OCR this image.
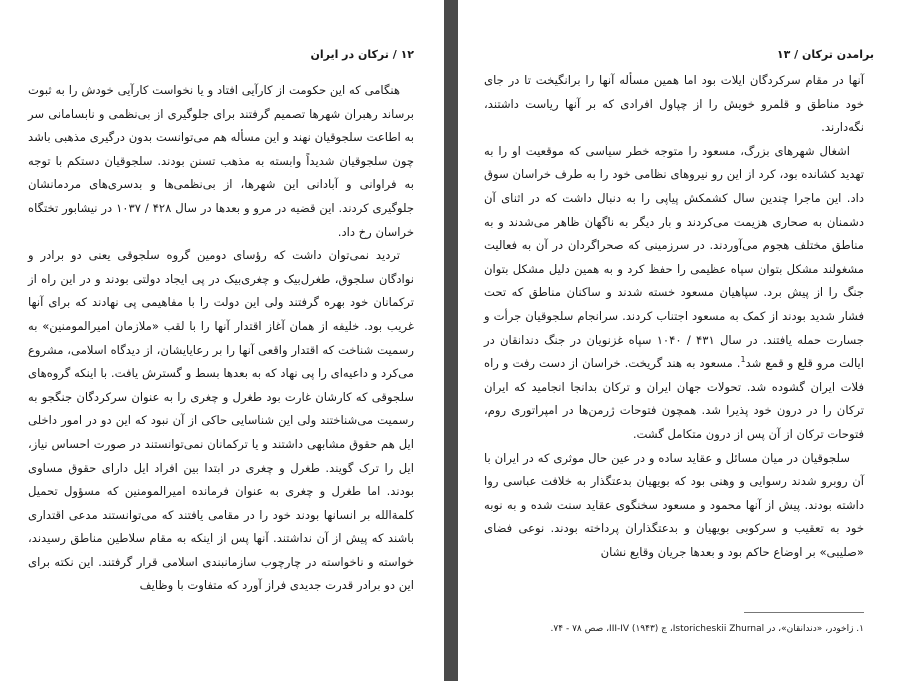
۱۲ / ترکان در ایران

هنگامی که این حکومت از کارآیی افتاد و یا نخواست کارآیی خودش را به ثبوت برساند رهبران شهرها تصمیم گرفتند برای جلوگیری از بی‌نظمی و نابسامانی سر به اطاعت سلجوقیان نهند و این مسأله هم می‌توانست بدون درگیری مذهبی باشد چون سلجوقیان شدیداً وابسته به مذهب تسنن بودند. سلجوقیان دستکم با توجه به فراوانی و آبادانی این شهرها، از بی‌نظمی‌ها و بدسری‌های مردمانشان جلوگیری کردند. این قضیه در مرو و بعدها در سال ۴۲۸ / ۱۰۳۷ در نیشابور تختگاه خراسان رخ داد.

تردید نمی‌توان داشت که رؤسای دومین گروه سلجوقی یعنی دو برادر و نوادگان سلجوق، طغرل‌بیک و چغری‌بیک در پی ایجاد دولتی بودند و در این راه از ترکمانان خود بهره گرفتند ولی این دولت را با مفاهیمی پی نهادند که برای آنها غریب بود. خلیفه از همان آغاز اقتدار آنها را با لقب «ملازمان امیرالمومنین» به رسمیت شناخت که اقتدار واقعی آنها را بر رعایایشان، از دیدگاه اسلامی، مشروع می‌کرد و داعیه‌ای را پی نهاد که به بعدها بسط و گسترش یافت. با اینکه گروه‌های سلجوقی که کارشان غارت بود طغرل و چغری را به عنوان سرکردگان جنگجو به رسمیت می‌شناختند ولی این شناسایی حاکی از آن نبود که این دو در امور داخلی ایل هم حقوق مشابهی داشتند و یا ترکمانان نمی‌توانستند در صورت احساس نیاز، ایل را ترک گویند. طغرل و چغری در ابتدا بین افراد ایل دارای حقوق مساوی بودند. اما طغرل و چغری به عنوان فرمانده امیرالمومنین که مسؤول تحمیل کلمةالله بر انسانها بودند خود را در مقامی یافتند که می‌توانستند مدعی اقتداری باشند که پیش از آن نداشتند. آنها پس از اینکه به مقام سلاطین مناطق رسیدند، خواسته و ناخواسته در چارچوب سازمانبندی اسلامی قرار گرفتند. این نکته برای این دو برادر قدرت جدیدی فراز آورد که متفاوت با وظایف

برامدن ترکان / ۱۳

آنها در مقام سرکردگان ایلات بود اما همین مسأله آنها را برانگیخت تا در جای خود مناطق و قلمرو خویش را از چپاول افرادی که بر آنها ریاست داشتند، نگه‌دارند.

اشغال شهرهای بزرگ، مسعود را متوجه خطر سیاسی که موقعیت او را به تهدید کشانده بود، کرد از این رو نیروهای نظامی خود را به طرف خراسان سوق داد. این ماجرا چندین سال کشمکش پیاپی را به دنبال داشت که در اثنای آن دشمنان به صحاری هزیمت می‌کردند و بار دیگر به ناگهان ظاهر می‌شدند و به مناطق مختلف هجوم می‌آوردند. در سرزمینی که صحراگردان در آن به فعالیت مشغولند مشکل بتوان سپاه عظیمی را حفظ کرد و به همین دلیل مشکل بتوان جنگ را از پیش برد. سپاهیان مسعود خسته شدند و ساکنان مناطق که تحت فشار شدید بودند از کمک به مسعود اجتناب کردند. سرانجام سلجوقیان جرأت و جسارت حمله یافتند. در سال ۴۳۱ / ۱۰۴۰ سپاه غزنویان در جنگ دندانقان در ایالت مرو قلع و قمع شد$^1$. مسعود به هند گریخت. خراسان از دست رفت و راه فلات ایران گشوده شد. تحولات جهان ایران و ترکان بدانجا انجامید که ایران ترکان را در درون خود پذیرا شد. همچون فتوحات ژرمن‌ها در امپراتوری روم، فتوحات ترکان از آن پس از درون متکامل گشت.

سلجوقیان در میان مسائل و عقاید ساده و در عین حال موثری که در ایران با آن روبرو شدند رسوایی و وهنی بود که بویهیان بدعتگذار به خلافت عباسی روا داشته بودند. پیش از آنها محمود و مسعود سخنگوی عقاید سنت شده و به نوبه خود به تعقیب و سرکوبی بویهیان و بدعتگذاران پرداخته بودند. نوعی فضای «صلیبی» بر اوضاع حاکم بود و بعدها جریان وقایع نشان

۱. زاخودر، «دندانقان»، در Istoricheskii Zhurnal، ج III-IV (۱۹۴۳)، صص ۷۸ - ۷۴.
